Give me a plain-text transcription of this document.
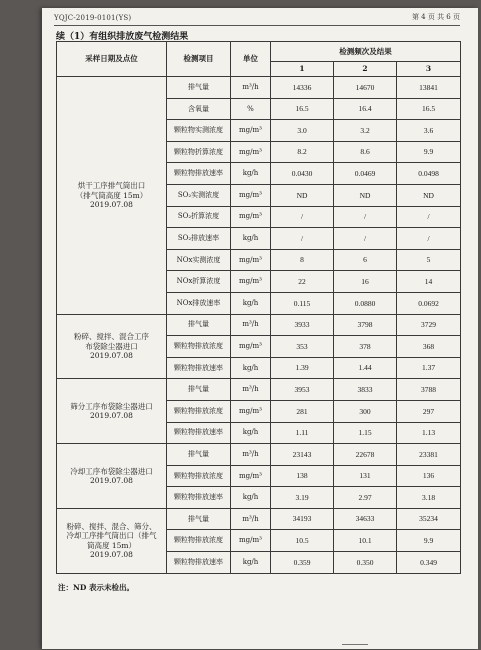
YQJC-2019-0101(YS)	第 4 页 共 6 页
续（1）有组织排放废气检测结果
采样日期及点位	检测项目	单位	检测频次及结果		
			1	2	3

烘干工序排气筒出口
（排气筒高度 15m）
2019.07.08	排气量	m³/h	14336	14670	13841
	含氧量	%	16.5	16.4	16.5
	颗粒物实测浓度	mg/m³	3.0	3.2	3.6
	颗粒物折算浓度	mg/m³	8.2	8.6	9.9
	颗粒物排放速率	kg/h	0.0430	0.0469	0.0498
	SO₂实测浓度	mg/m³	ND	ND	ND
	SO₂折算浓度	mg/m³	/	/	/
	SO₂排放速率	kg/h	/	/	/
	NOx实测浓度	mg/m³	8	6	5
	NOx折算浓度	mg/m³	22	16	14
	NOx排放速率	kg/h	0.115	0.0880	0.0692

粉碎、搅拌、混合工序
布袋除尘器进口
2019.07.08	排气量	m³/h	3933	3798	3729
	颗粒物排放浓度	mg/m³	353	378	368
	颗粒物排放速率	kg/h	1.39	1.44	1.37

筛分工序布袋除尘器进口
2019.07.08	排气量	m³/h	3953	3833	3788
	颗粒物排放浓度	mg/m³	281	300	297
	颗粒物排放速率	kg/h	1.11	1.15	1.13

冷却工序布袋除尘器进口
2019.07.08	排气量	m³/h	23143	22678	23381
	颗粒物排放浓度	mg/m³	138	131	136
	颗粒物排放速率	kg/h	3.19	2.97	3.18

粉碎、搅拌、混合、筛分、
冷却工序排气筒出口（排气
筒高度 15m）
2019.07.08	排气量	m³/h	34193	34633	35234
	颗粒物排放浓度	mg/m³	10.5	10.1	9.9
	颗粒物排放速率	kg/h	0.359	0.350	0.349
注：ND 表示未检出。
